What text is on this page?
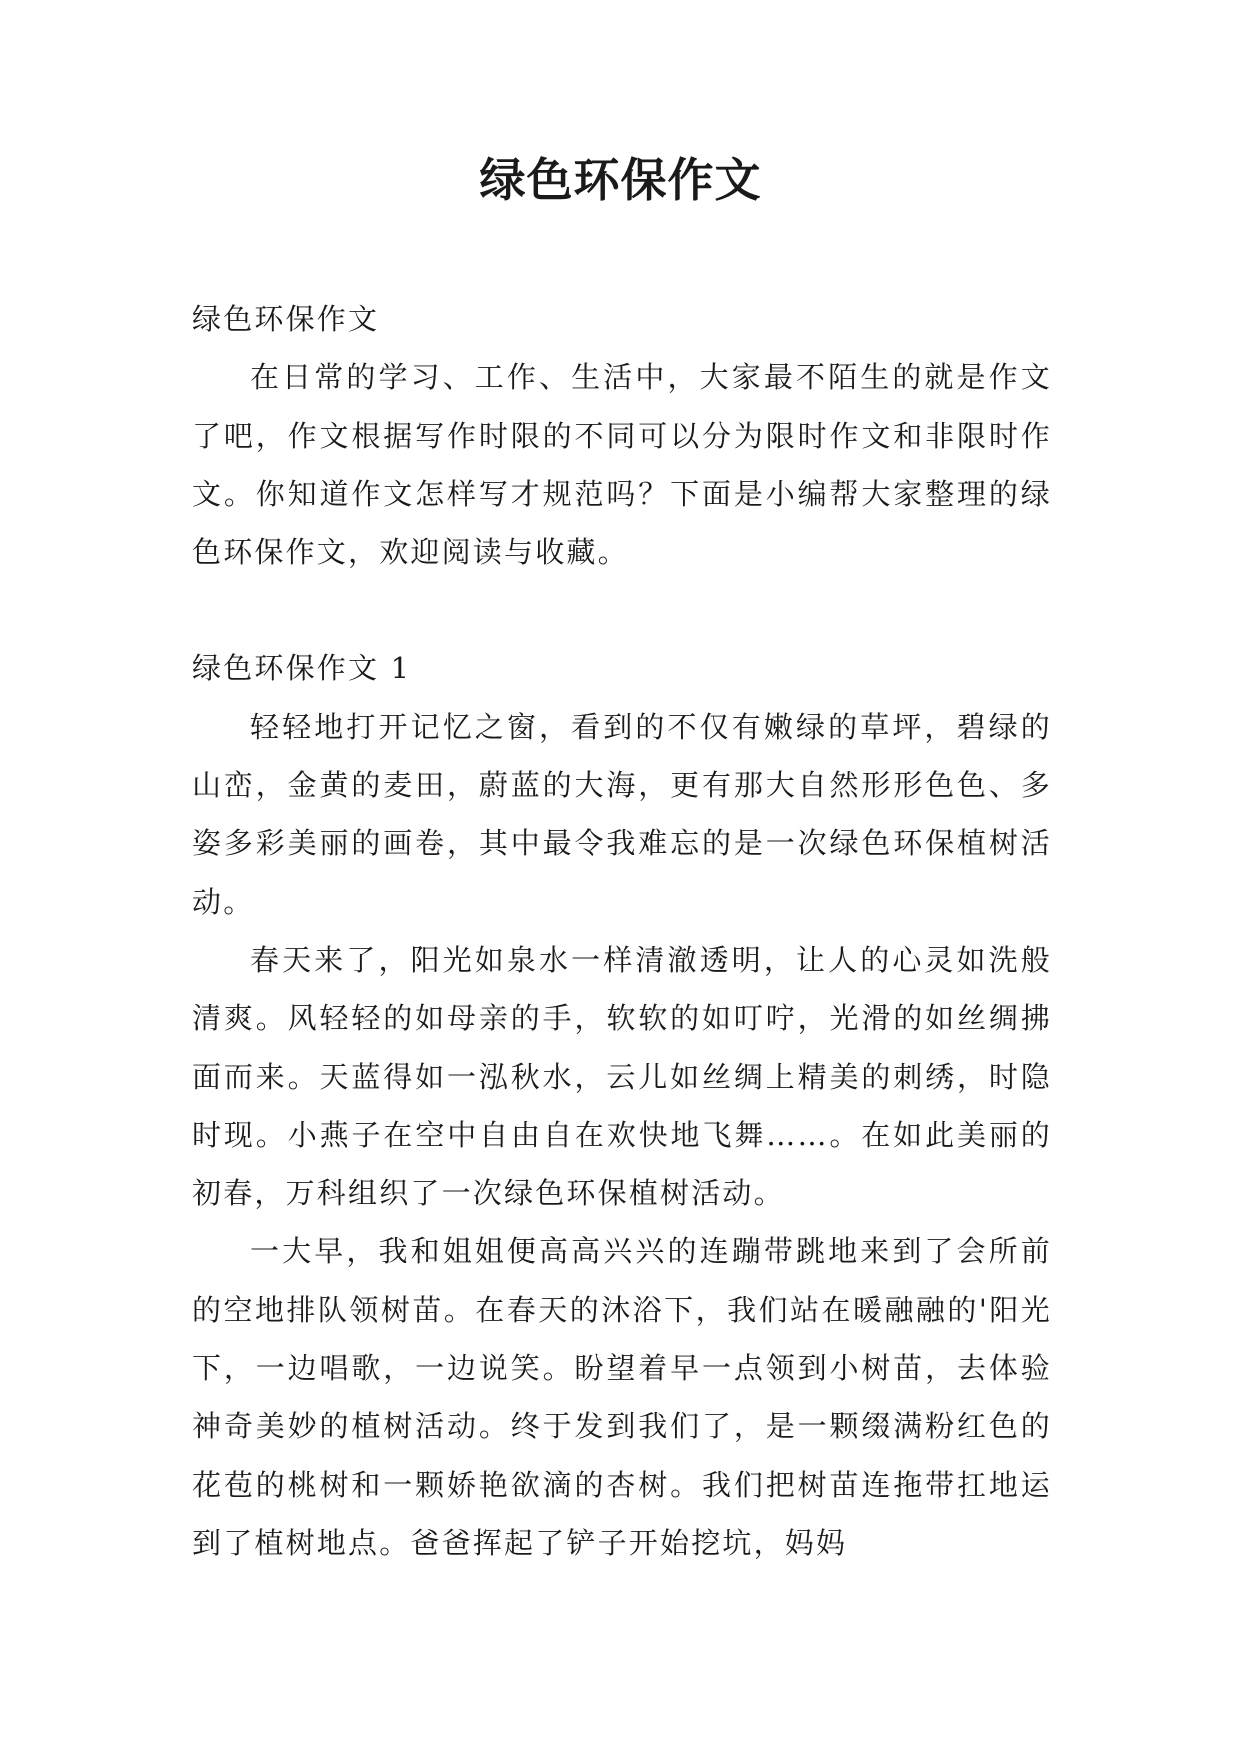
绿色环保作文

绿色环保作文

在日常的学习、工作、生活中，大家最不陌生的就是作文了吧，作文根据写作时限的不同可以分为限时作文和非限时作文。你知道作文怎样写才规范吗？下面是小编帮大家整理的绿色环保作文，欢迎阅读与收藏。

绿色环保作文 1

轻轻地打开记忆之窗，看到的不仅有嫩绿的草坪，碧绿的山峦，金黄的麦田，蔚蓝的大海，更有那大自然形形色色、多姿多彩美丽的画卷，其中最令我难忘的是一次绿色环保植树活动。

春天来了，阳光如泉水一样清澈透明，让人的心灵如洗般清爽。风轻轻的如母亲的手，软软的如叮咛，光滑的如丝绸拂面而来。天蓝得如一泓秋水，云儿如丝绸上精美的刺绣，时隐时现。小燕子在空中自由自在欢快地飞舞……。在如此美丽的初春，万科组织了一次绿色环保植树活动。

一大早，我和姐姐便高高兴兴的连蹦带跳地来到了会所前的空地排队领树苗。在春天的沐浴下，我们站在暖融融的'阳光下，一边唱歌，一边说笑。盼望着早一点领到小树苗，去体验神奇美妙的植树活动。终于发到我们了，是一颗缀满粉红色的花苞的桃树和一颗娇艳欲滴的杏树。我们把树苗连拖带扛地运到了植树地点。爸爸挥起了铲子开始挖坑，妈妈
